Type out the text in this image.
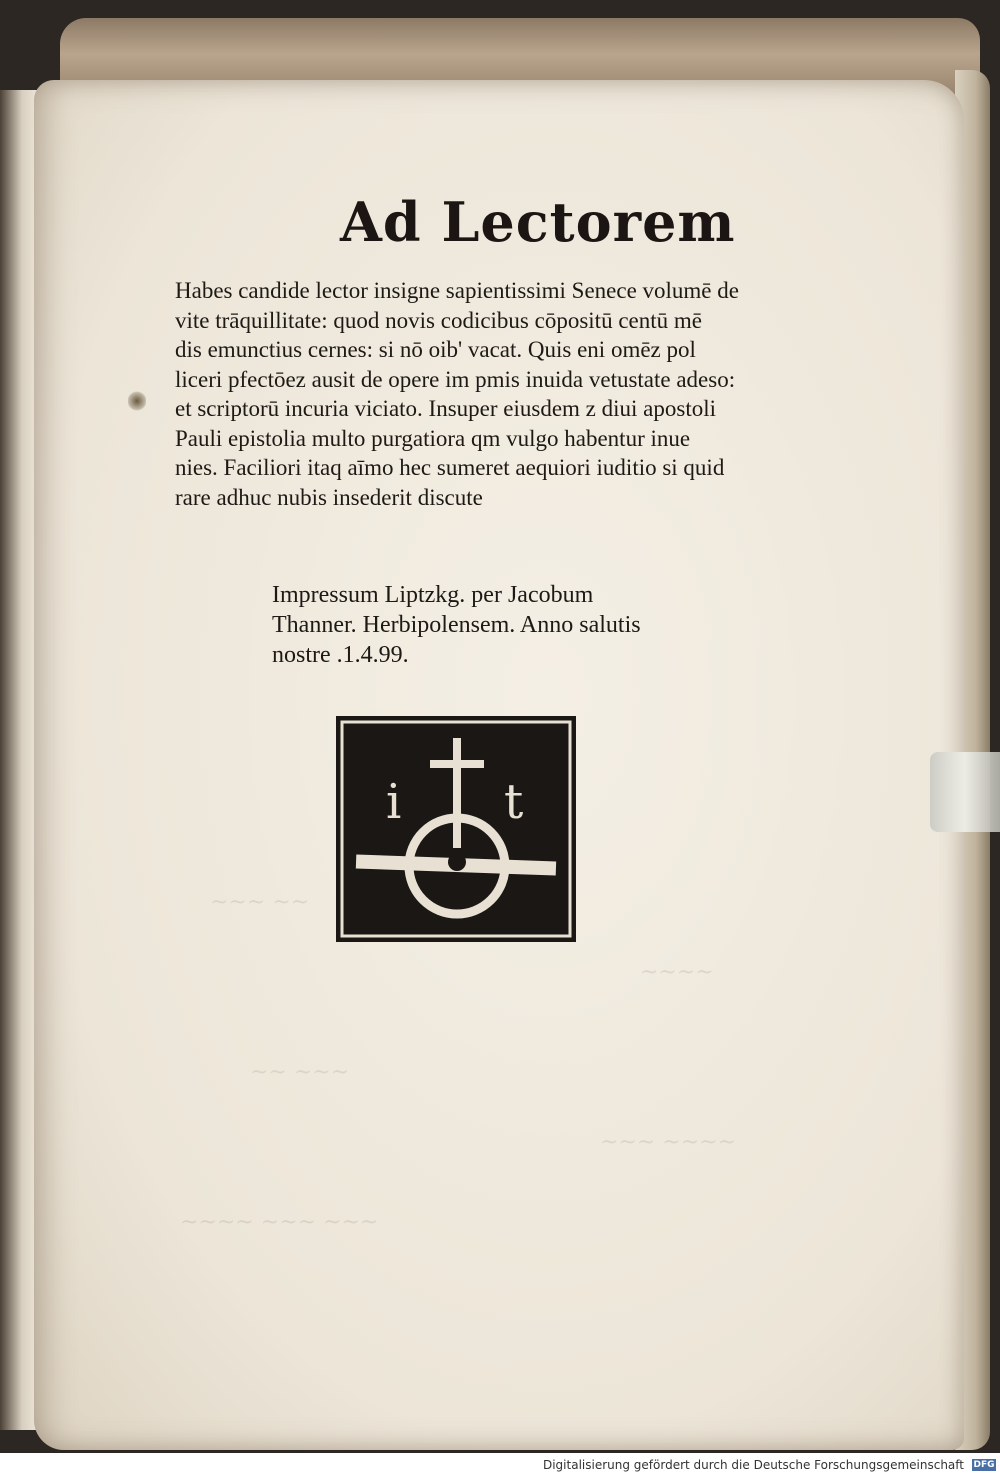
~~~ ~~
~~~~
~~ ~~~
~~~ ~~~~
~~~~ ~~~ ~~~
Ad Lectorem
Habes candide lector insigne sapientissimi Senece volumē de
vite trāquillitate: quod novis codicibus cōpositū centū mē
dis emunctius cernes: si nō oib' vacat. Quis eni omēz pol
liceri pfectōez ausit de opere im pmis inuida vetustate adeso:
et scriptorū incuria viciato. Insuper eiusdem z diui apostoli
Pauli epistolia multo purgatiora qm vulgo habentur inue
nies. Faciliori itaq aīmo hec sumeret aequiori iuditio si quid
rare adhuc nubis insederit discute
Impressum Liptzkg. per Jacobum
Thanner. Herbipolensem. Anno salutis
nostre .1.4.99.
i t
Digitalisierung gefördert durch die Deutsche Forschungsgemeinschaft	DFG
